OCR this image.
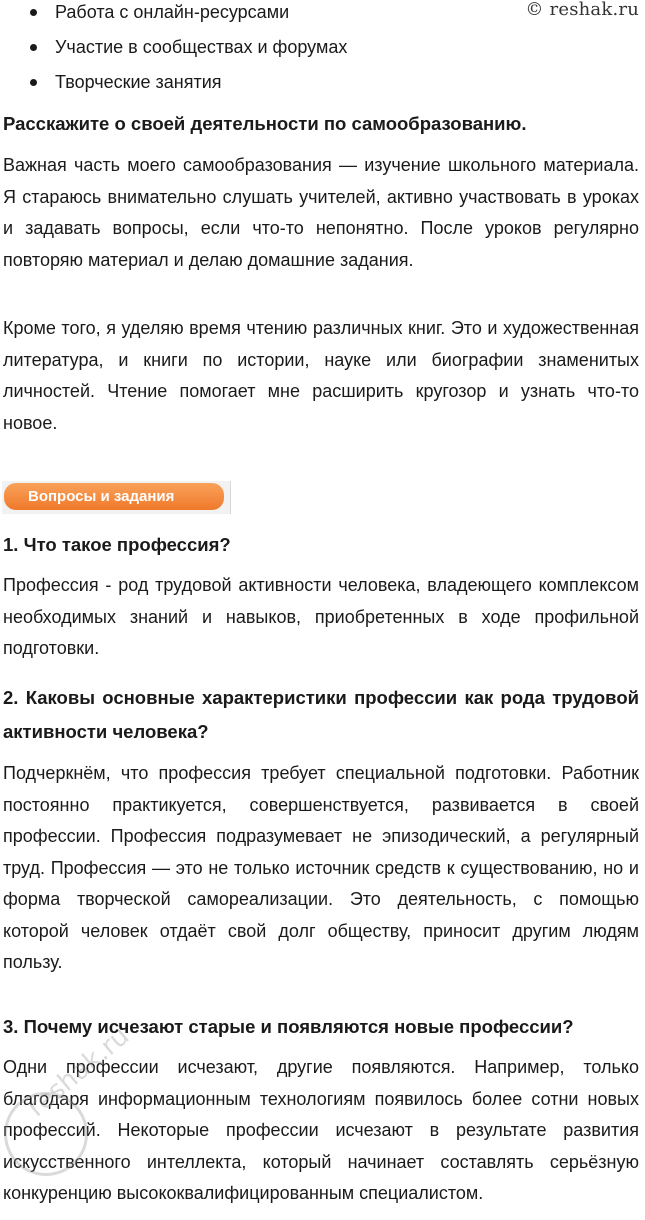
© reshak.ru
Работа с онлайн-ресурсами
Участие в сообществах и форумах
Творческие занятия
Расскажите о своей деятельности по самообразованию.
Важная часть моего самообразования — изучение школьного материала. Я стараюсь внимательно слушать учителей, активно участвовать в уроках и задавать вопросы, если что-то непонятно. После уроков регулярно повторяю материал и делаю домашние задания.
Кроме того, я уделяю время чтению различных книг. Это и художественная литература, и книги по истории, науке или биографии знаменитых личностей. Чтение помогает мне расширить кругозор и узнать что-то новое.
Вопросы и задания
1. Что такое профессия?
Профессия - род трудовой активности человека, владеющего комплексом необходимых знаний и навыков, приобретенных в ходе профильной подготовки.
2. Каковы основные характеристики профессии как рода трудовой активности человека?
Подчеркнём, что профессия требует специальной подготовки. Работник постоянно практикуется, совершенствуется, развивается в своей профессии. Профессия подразумевает не эпизодический, а регулярный труд. Профессия — это не только источник средств к существованию, но и форма творческой самореализации. Это деятельность, с помощью которой человек отдаёт свой долг обществу, приносит другим людям пользу.
3. Почему исчезают старые и появляются новые профессии?
Одни профессии исчезают, другие появляются. Например, только благодаря информационным технологиям появилось более сотни новых профессий. Некоторые профессии исчезают в результате развития искусственного интеллекта, который начинает составлять серьёзную конкуренцию высококвалифицированным специалистом.
reshak.ru
